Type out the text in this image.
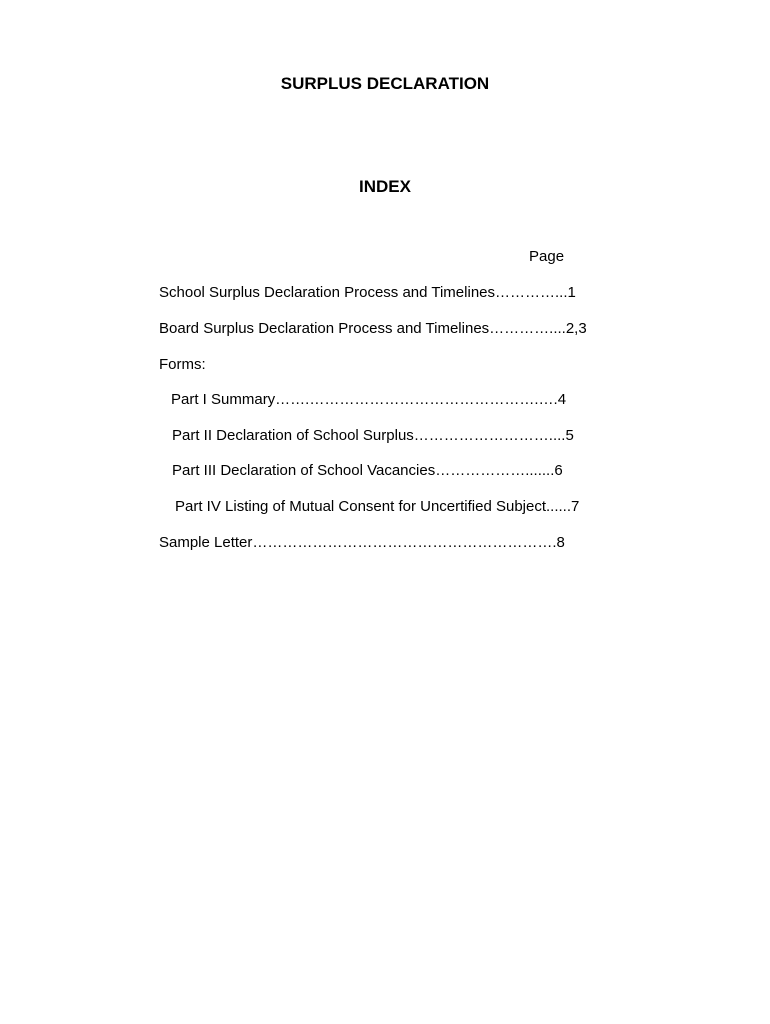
SURPLUS DECLARATION
INDEX
Page

School Surplus Declaration Process and Timelines…………...1

Board Surplus Declaration Process and Timelines…………....2,3

Forms:

Part I Summary…….……………………………………….….4

Part II Declaration of School Surplus………………………....5

Part III Declaration of School Vacancies……………….......6

Part IV Listing of Mutual Consent for Uncertified Subject......7

Sample Letter…………………………………………………….8
